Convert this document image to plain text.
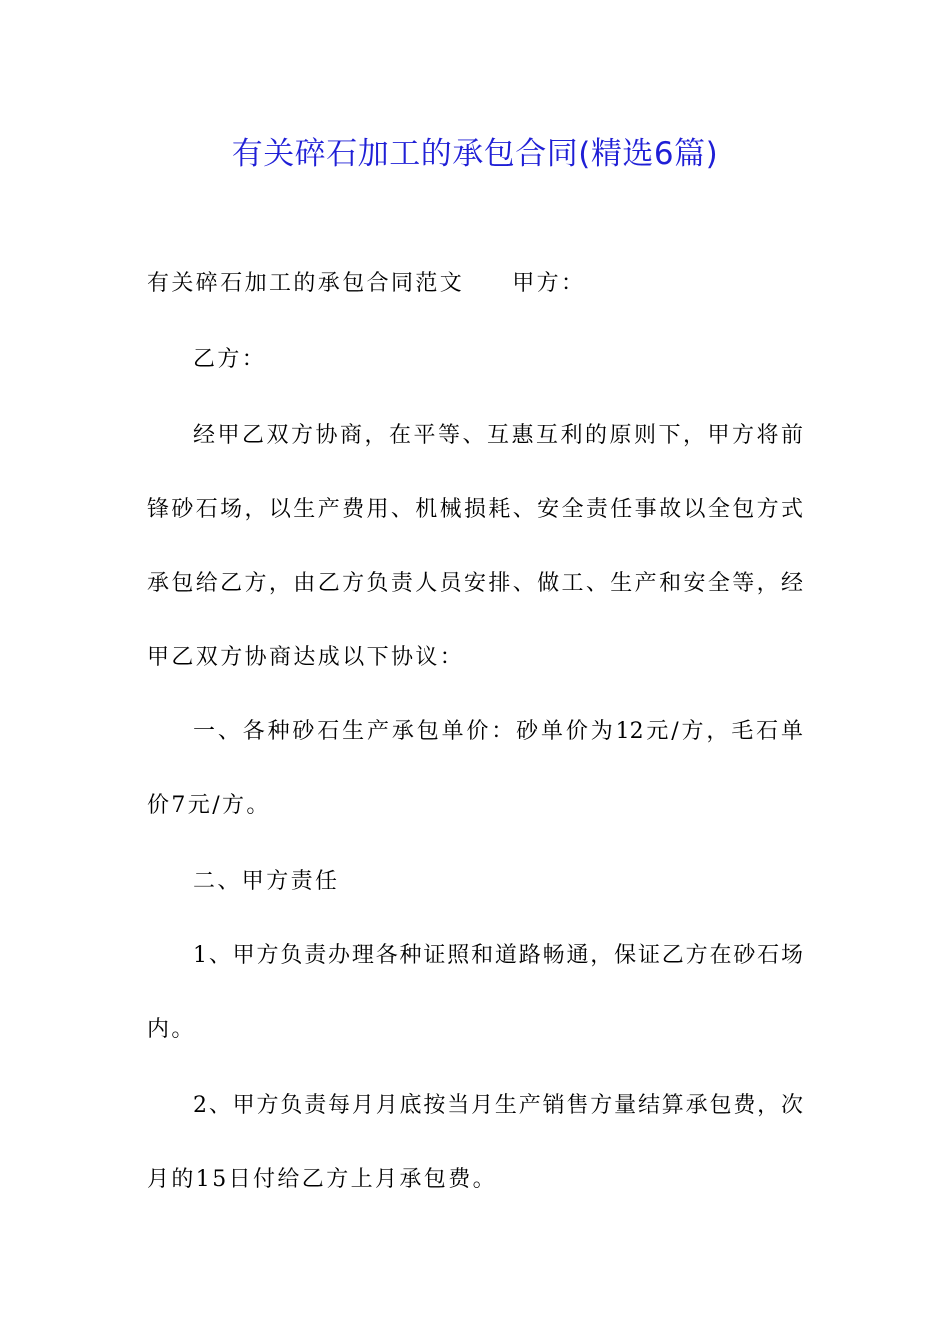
有关碎石加工的承包合同(精选6篇)
有关碎石加工的承包合同范文 甲方：
乙方：
经甲乙双方协商，在平等、互惠互利的原则下，甲方将前
锋砂石场，以生产费用、机械损耗、安全责任事故以全包方式
承包给乙方，由乙方负责人员安排、做工、生产和安全等，经
甲乙双方协商达成以下协议：
一、各种砂石生产承包单价：砂单价为12元/方，毛石单
价7元/方。
二、甲方责任
1、甲方负责办理各种证照和道路畅通，保证乙方在砂石场
内。
2、甲方负责每月月底按当月生产销售方量结算承包费，次
月的15日付给乙方上月承包费。
